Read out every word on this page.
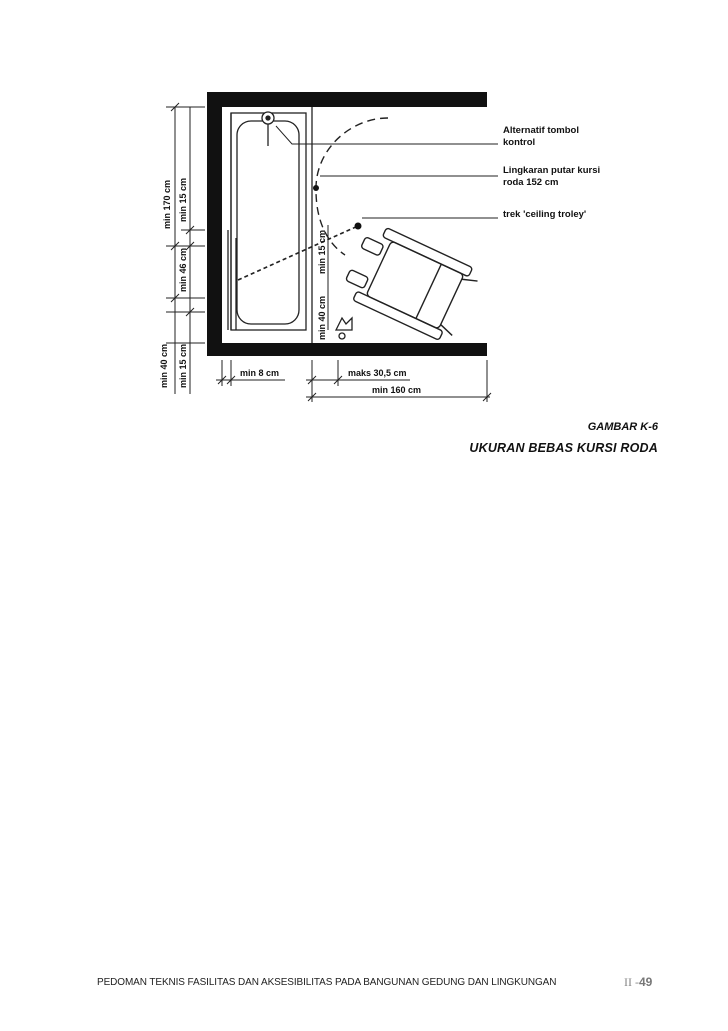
Alternatif tombol
kontrol
Lingkaran putar kursi
roda 152 cm
trek 'ceiling troley'
min 170 cm min 15 cm
min 46 cm
min 40 cm min 15 cm
min 15 cm
min 40 cm
min 8 cm	maks 30,5 cm
min 160 cm
GAMBAR K-6
UKURAN BEBAS KURSI RODA
PEDOMAN TEKNIS FASILITAS DAN AKSESIBILITAS PADA BANGUNAN GEDUNG DAN LINGKUNGAN	II -49
